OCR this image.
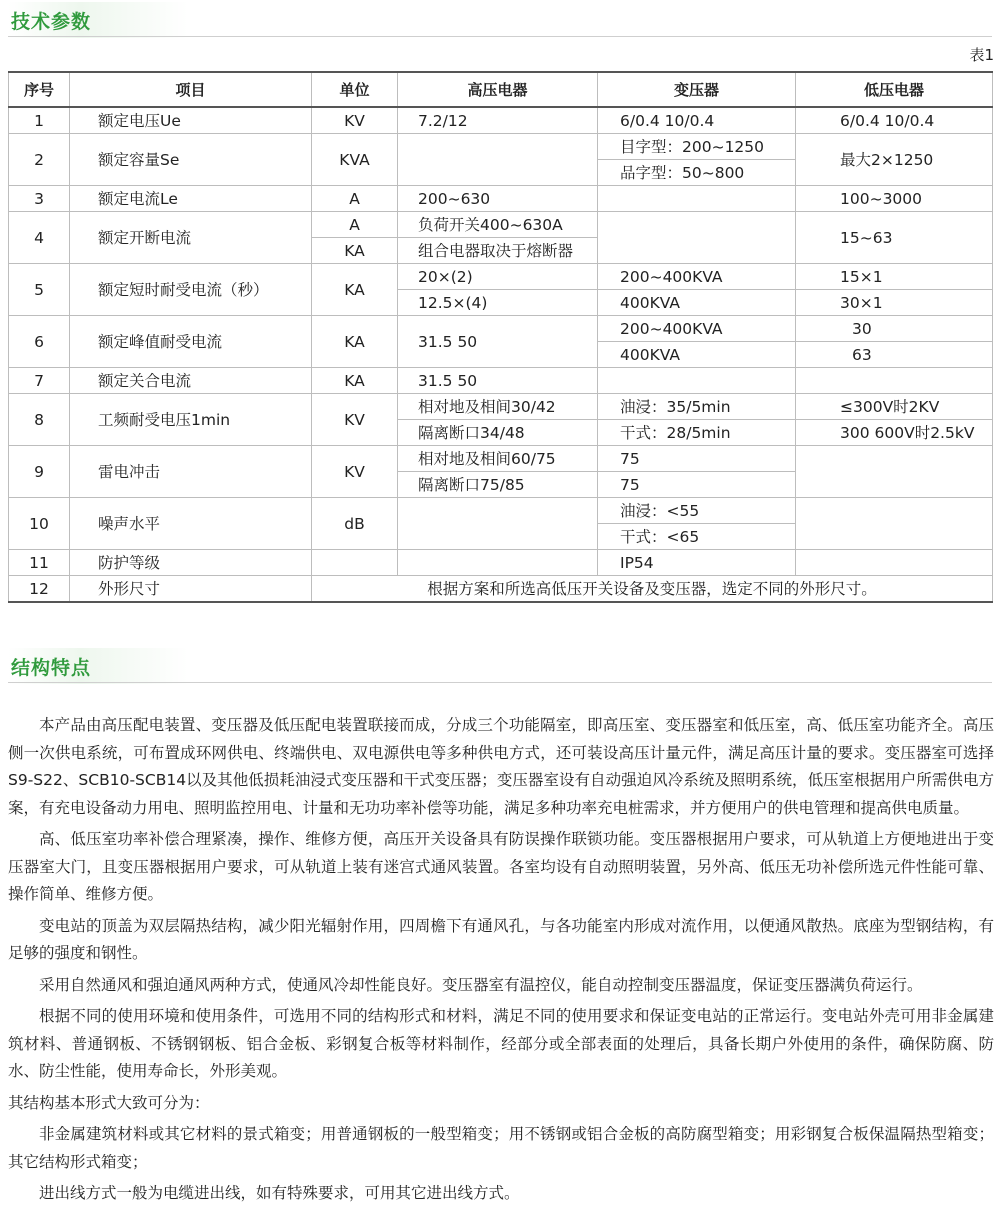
技术参数
表1
序号	项目	单位	高压电器	变压器	低压电器
1	额定电压Ue	KV	7.2/12	6/0.4 10/0.4	6/0.4 10/0.4
2	额定容量Se	KVA		目字型：200~1250	最大2×1250
				品字型：50~800	
3	额定电流Le	A	200~630		100~3000
4	额定开断电流	A	负荷开关400~630A		15~63
		KA	组合电器取决于熔断器		
5	额定短时耐受电流（秒）	KA	20×(2)	200~400KVA	15×1
			12.5×(4)	400KVA	30×1
6	额定峰值耐受电流	KA	31.5 50	200~400KVA	30
				400KVA	63
7	额定关合电流	KA	31.5 50		
8	工频耐受电压1min	KV	相对地及相间30/42	油浸：35/5min	≤300V时2KV
			隔离断口34/48	干式：28/5min	300 600V时2.5kV
9	雷电冲击	KV	相对地及相间60/75	75	
			隔离断口75/85	75	
10	噪声水平	dB		油浸：<55	
				干式：<65	
11	防护等级			IP54	
12	外形尺寸	根据方案和所选高低压开关设备及变压器，选定不同的外形尺寸。			
结构特点

本产品由高压配电装置、变压器及低压配电装置联接而成，分成三个功能隔室，即高压室、变压器室和低压室，高、低压室功能齐全。高压侧一次供电系统，可布置成环网供电、终端供电、双电源供电等多种供电方式，还可装设高压计量元件，满足高压计量的要求。变压器室可选择S9-S22、SCB10-SCB14以及其他低损耗油浸式变压器和干式变压器；变压器室设有自动强迫风冷系统及照明系统，低压室根据用户所需供电方案，有充电设备动力用电、照明监控用电、计量和无功功率补偿等功能，满足多种功率充电桩需求，并方便用户的供电管理和提高供电质量。

高、低压室功率补偿合理紧凑，操作、维修方便，高压开关设备具有防误操作联锁功能。变压器根据用户要求，可从轨道上方便地进出于变压器室大门，且变压器根据用户要求，可从轨道上装有迷宫式通风装置。各室均设有自动照明装置，另外高、低压无功补偿所选元件性能可靠、操作简单、维修方便。

变电站的顶盖为双层隔热结构，减少阳光辐射作用，四周檐下有通风孔，与各功能室内形成对流作用，以便通风散热。底座为型钢结构，有足够的强度和钢性。

采用自然通风和强迫通风两种方式，使通风冷却性能良好。变压器室有温控仪，能自动控制变压器温度，保证变压器满负荷运行。

根据不同的使用环境和使用条件，可选用不同的结构形式和材料，满足不同的使用要求和保证变电站的正常运行。变电站外壳可用非金属建筑材料、普通钢板、不锈钢钢板、铝合金板、彩钢复合板等材料制作，经部分或全部表面的处理后，具备长期户外使用的条件，确保防腐、防水、防尘性能，使用寿命长，外形美观。

其结构基本形式大致可分为：

非金属建筑材料或其它材料的景式箱变；用普通钢板的一般型箱变；用不锈钢或铝合金板的高防腐型箱变；用彩钢复合板保温隔热型箱变；其它结构形式箱变；

进出线方式一般为电缆进出线，如有特殊要求，可用其它进出线方式。
